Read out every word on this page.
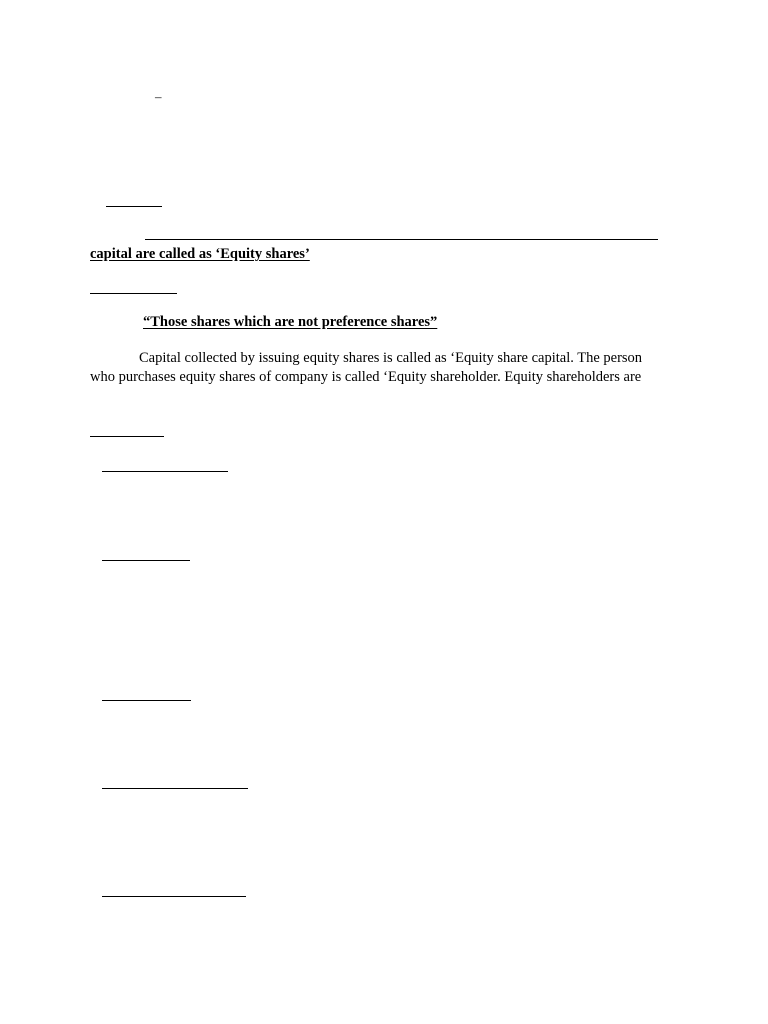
–
capital are called as ‘Equity shares’
“Those shares which are not preference shares”
Capital collected by issuing equity shares is called as ‘Equity share capital. The person
who purchases equity shares of company is called ‘Equity shareholder. Equity shareholders are
